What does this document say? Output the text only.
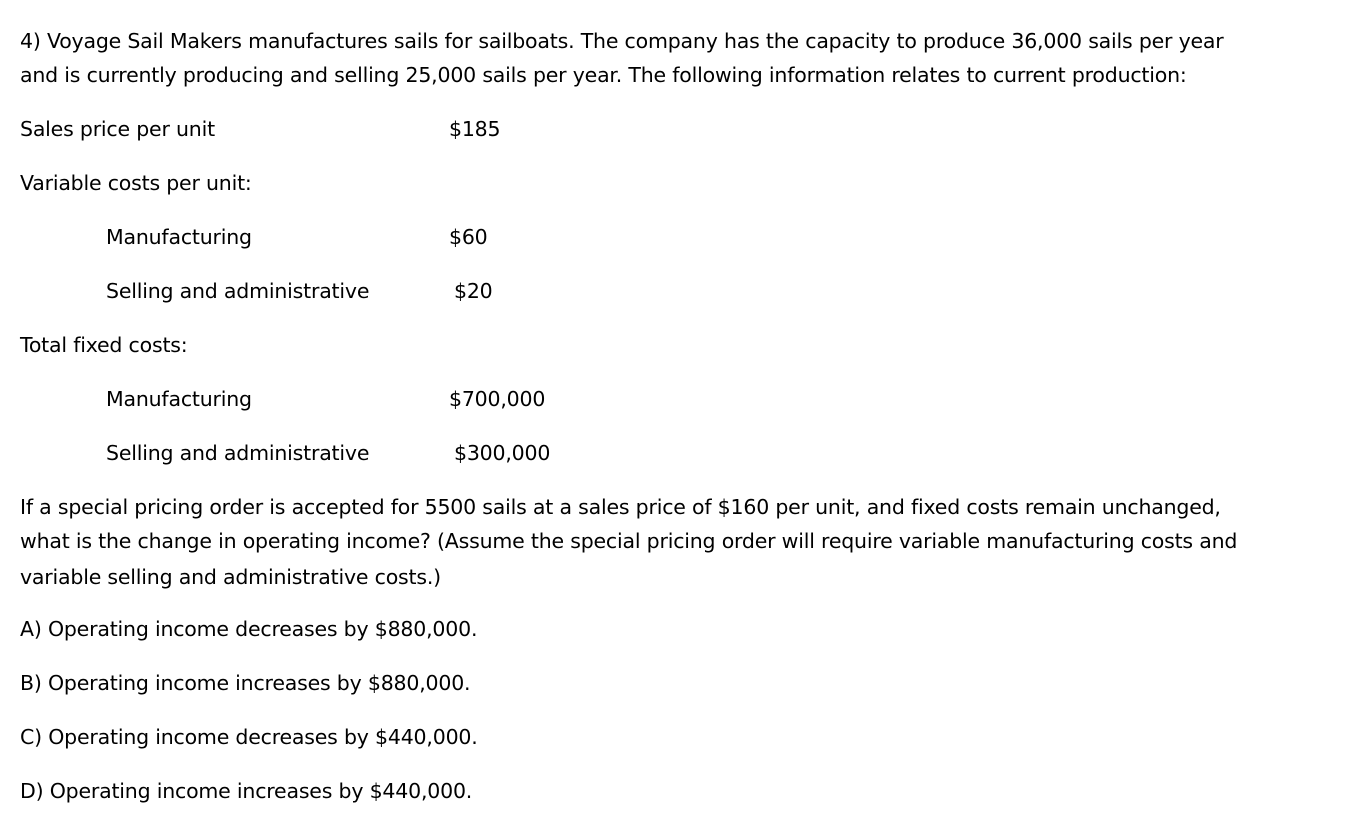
4) Voyage Sail Makers manufactures sails for sailboats. The company has the capacity to produce 36,000 sails per year
and is currently producing and selling 25,000 sails per year. The following information relates to current production:
Sales price per unit	$185
Variable costs per unit:
Manufacturing	$60
Selling and administrative	$20
Total fixed costs:
Manufacturing	$700,000
Selling and administrative	$300,000
If a special pricing order is accepted for 5500 sails at a sales price of $160 per unit, and fixed costs remain unchanged,
what is the change in operating income? (Assume the special pricing order will require variable manufacturing costs and
variable selling and administrative costs.)
A) Operating income decreases by $880,000.
B) Operating income increases by $880,000.
C) Operating income decreases by $440,000.
D) Operating income increases by $440,000.
